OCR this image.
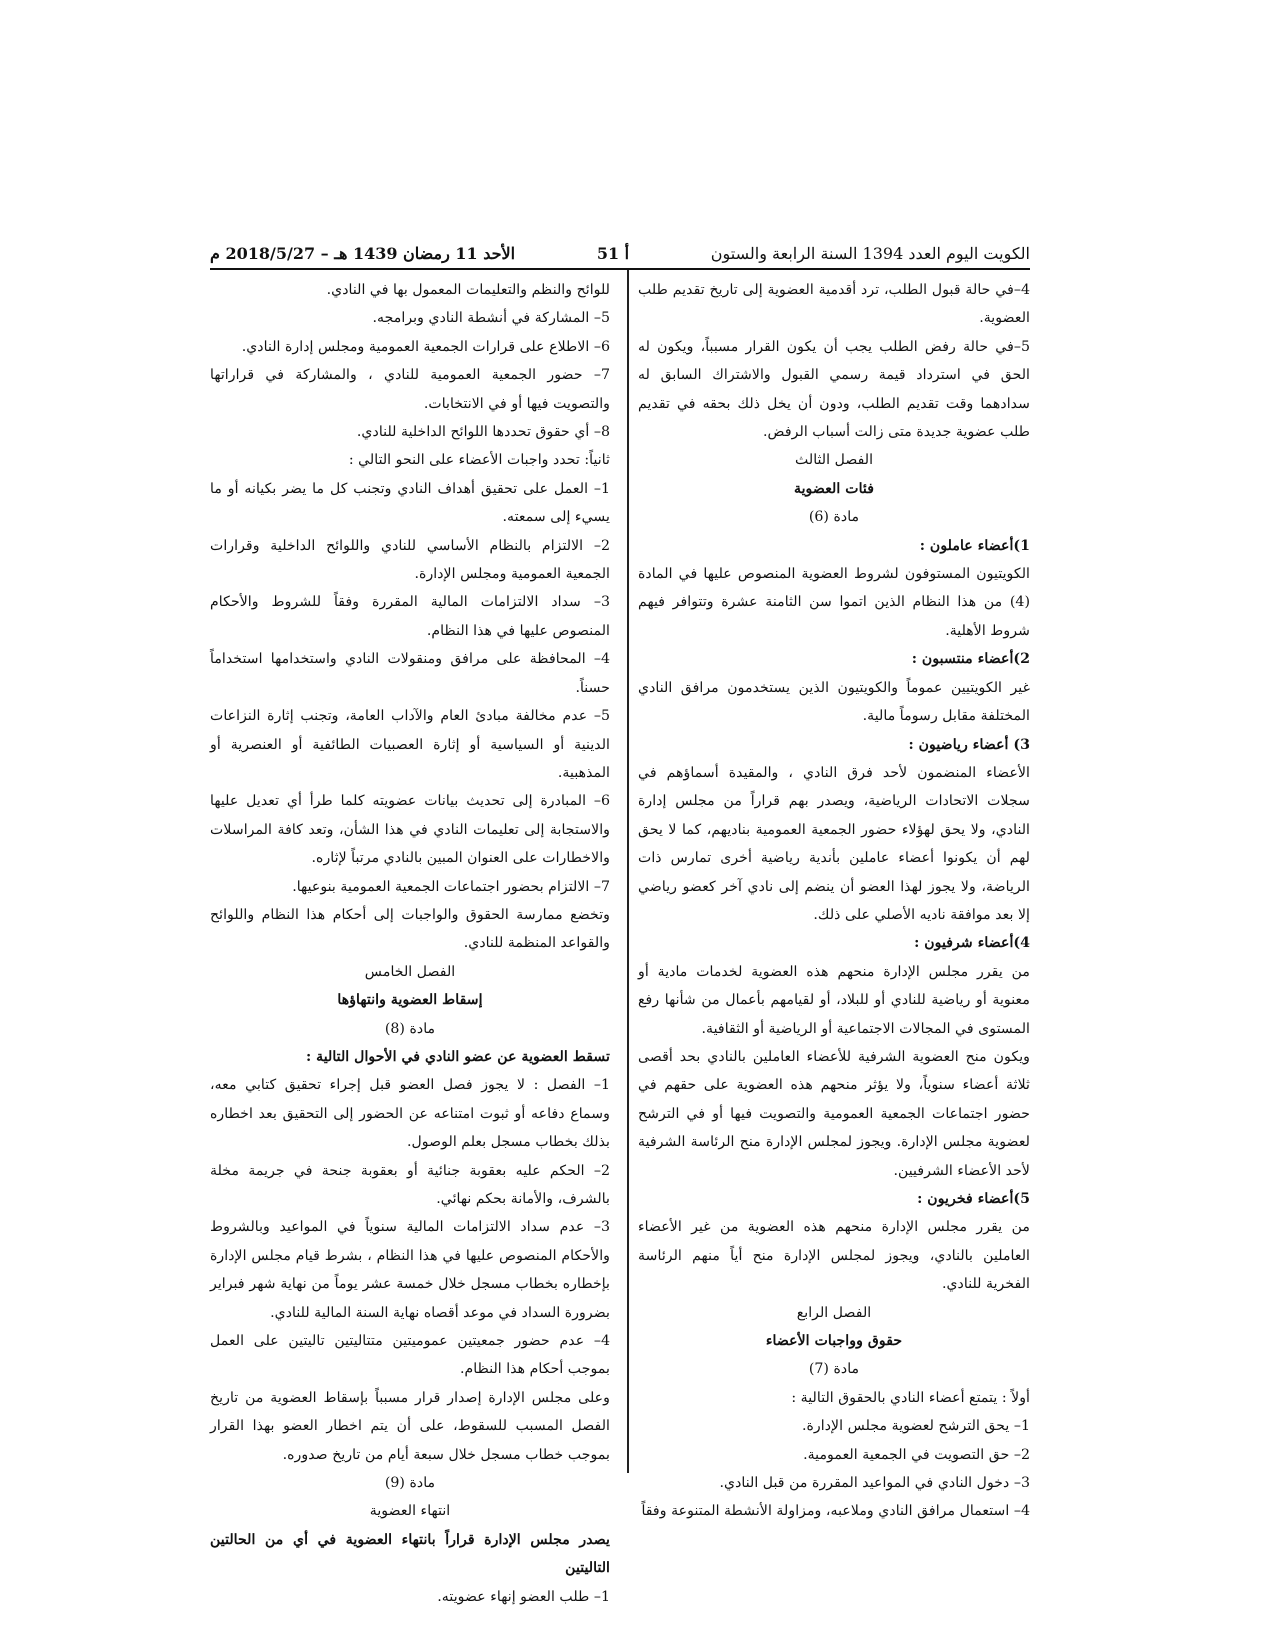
الكويت اليوم العدد 1394 السنة الرابعة والستون
أ 51
الأحد 11 رمضان 1439 هـ – 2018/5/27 م

4–في حالة قبول الطلب، ترد أقدمية العضوية إلى تاريخ تقديم طلب العضوية.

5–في حالة رفض الطلب يجب أن يكون القرار مسبباً، ويكون له الحق في استرداد قيمة رسمي القبول والاشتراك السابق له سدادهما وقت تقديم الطلب، ودون أن يخل ذلك بحقه في تقديم طلب عضوية جديدة متى زالت أسباب الرفض.

الفصل الثالث

فئات العضوية

مادة (6)

1)أعضاء عاملون :

الكويتيون المستوفون لشروط العضوية المنصوص عليها في المادة (4) من هذا النظام الذين اتموا سن الثامنة عشرة وتتوافر فيهم شروط الأهلية.

2)أعضاء منتسبون :

غير الكويتيين عموماً والكويتيون الذين يستخدمون مرافق النادي المختلفة مقابل رسوماً مالية.

3) أعضاء رياضيون :

الأعضاء المنضمون لأحد فرق النادي ، والمقيدة أسماؤهم في سجلات الاتحادات الرياضية، ويصدر بهم قراراً من مجلس إدارة النادي، ولا يحق لهؤلاء حضور الجمعية العمومية بناديهم، كما لا يحق لهم أن يكونوا أعضاء عاملين بأندية رياضية أخرى تمارس ذات الرياضة، ولا يجوز لهذا العضو أن ينضم إلى نادي آخر كعضو رياضي إلا بعد موافقة ناديه الأصلي على ذلك.

4)أعضاء شرفيون :

من يقرر مجلس الإدارة منحهم هذه العضوية لخدمات مادية أو معنوية أو رياضية للنادي أو للبلاد، أو لقيامهم بأعمال من شأنها رفع المستوى في المجالات الاجتماعية أو الرياضية أو الثقافية.

ويكون منح العضوية الشرفية للأعضاء العاملين بالنادي بحد أقصى ثلاثة أعضاء سنوياً، ولا يؤثر منحهم هذه العضوية على حقهم في حضور اجتماعات الجمعية العمومية والتصويت فيها أو في الترشح لعضوية مجلس الإدارة. ويجوز لمجلس الإدارة منح الرئاسة الشرفية لأحد الأعضاء الشرفيين.

5)أعضاء فخريون :

من يقرر مجلس الإدارة منحهم هذه العضوية من غير الأعضاء العاملين بالنادي، ويجوز لمجلس الإدارة منح أياً منهم الرئاسة الفخرية للنادي.

الفصل الرابع

حقوق وواجبات الأعضاء

مادة (7)

أولاً : يتمتع أعضاء النادي بالحقوق التالية :

1– يحق الترشح لعضوية مجلس الإدارة.

2– حق التصويت في الجمعية العمومية.

3– دخول النادي في المواعيد المقررة من قبل النادي.

4– استعمال مرافق النادي وملاعبه، ومزاولة الأنشطة المتنوعة وفقاً

للوائح والنظم والتعليمات المعمول بها في النادي.

5– المشاركة في أنشطة النادي وبرامجه.

6– الاطلاع على قرارات الجمعية العمومية ومجلس إدارة النادي.

7– حضور الجمعية العمومية للنادي ، والمشاركة في قراراتها والتصويت فيها أو في الانتخابات.

8– أي حقوق تحددها اللوائح الداخلية للنادي.

ثانياً: تحدد واجبات الأعضاء على النحو التالي :

1– العمل على تحقيق أهداف النادي وتجنب كل ما يضر بكيانه أو ما يسيء إلى سمعته.

2– الالتزام بالنظام الأساسي للنادي واللوائح الداخلية وقرارات الجمعية العمومية ومجلس الإدارة.

3– سداد الالتزامات المالية المقررة وفقاً للشروط والأحكام المنصوص عليها في هذا النظام.

4– المحافظة على مرافق ومنقولات النادي واستخدامها استخداماً حسناً.

5– عدم مخالفة مبادئ العام والآداب العامة، وتجنب إثارة النزاعات الدينية أو السياسية أو إثارة العصبيات الطائفية أو العنصرية أو المذهبية.

6– المبادرة إلى تحديث بيانات عضويته كلما طرأ أي تعديل عليها والاستجابة إلى تعليمات النادي في هذا الشأن، وتعد كافة المراسلات والاخطارات على العنوان المبين بالنادي مرتباً لإثاره.

7– الالتزام بحضور اجتماعات الجمعية العمومية بنوعيها.

وتخضع ممارسة الحقوق والواجبات إلى أحكام هذا النظام واللوائح والقواعد المنظمة للنادي.

الفصل الخامس

إسقاط العضوية وانتهاؤها

مادة (8)

تسقط العضوية عن عضو النادي في الأحوال التالية :

1– الفصل : لا يجوز فصل العضو قبل إجراء تحقيق كتابي معه، وسماع دفاعه أو ثبوت امتناعه عن الحضور إلى التحقيق بعد اخطاره بذلك بخطاب مسجل بعلم الوصول.

2– الحكم عليه بعقوبة جنائية أو بعقوبة جنحة في جريمة مخلة بالشرف، والأمانة بحكم نهائي.

3– عدم سداد الالتزامات المالية سنوياً في المواعيد وبالشروط والأحكام المنصوص عليها في هذا النظام ، بشرط قيام مجلس الإدارة بإخطاره بخطاب مسجل خلال خمسة عشر يوماً من نهاية شهر فبراير بضرورة السداد في موعد أقصاه نهاية السنة المالية للنادي.

4– عدم حضور جمعيتين عموميتين متتاليتين تاليتين على العمل بموجب أحكام هذا النظام.

وعلى مجلس الإدارة إصدار قرار مسبباً بإسقاط العضوية من تاريخ الفصل المسبب للسقوط، على أن يتم اخطار العضو بهذا القرار بموجب خطاب مسجل خلال سبعة أيام من تاريخ صدوره.

مادة (9)

انتهاء العضوية

يصدر مجلس الإدارة قراراً بانتهاء العضوية في أي من الحالتين التاليتين

1– طلب العضو إنهاء عضويته.
